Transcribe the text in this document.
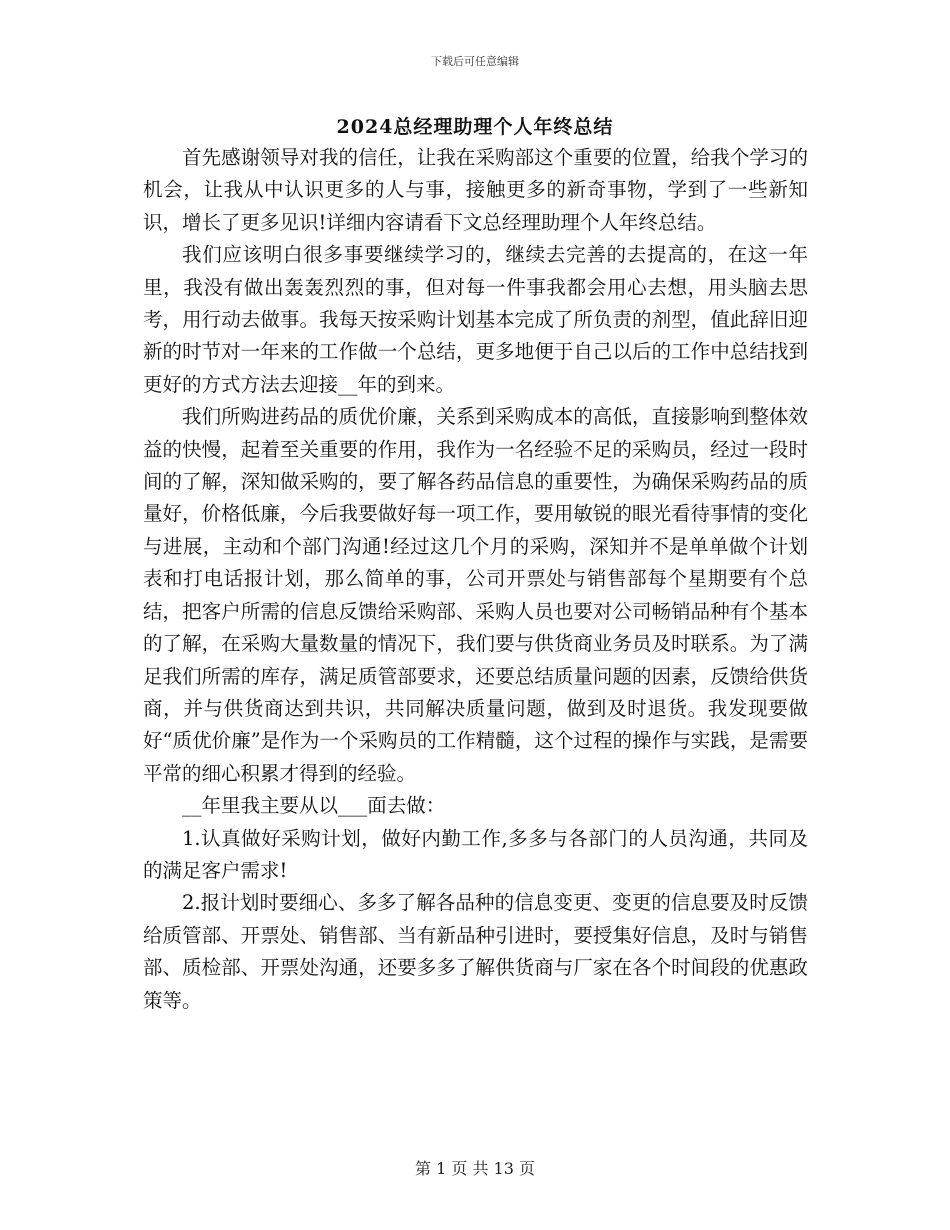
下载后可任意编辑
2024总经理助理个人年终总结

首先感谢领导对我的信任，让我在采购部这个重要的位置，给我个学习的机会，让我从中认识更多的人与事，接触更多的新奇事物，学到了一些新知识，增长了更多见识!详细内容请看下文总经理助理个人年终总结。

我们应该明白很多事要继续学习的，继续去完善的去提高的，在这一年里，我没有做出轰轰烈烈的事，但对每一件事我都会用心去想，用头脑去思考，用行动去做事。我每天按采购计划基本完成了所负责的剂型，值此辞旧迎新的时节对一年来的工作做一个总结，更多地便于自己以后的工作中总结找到更好的方式方法去迎接__年的到来。

我们所购进药品的质优价廉，关系到采购成本的高低，直接影响到整体效益的快慢，起着至关重要的作用，我作为一名经验不足的采购员，经过一段时间的了解，深知做采购的，要了解各药品信息的重要性，为确保采购药品的质量好，价格低廉，今后我要做好每一项工作，要用敏锐的眼光看待事情的变化与进展，主动和个部门沟通!经过这几个月的采购，深知并不是单单做个计划表和打电话报计划，那么简单的事，公司开票处与销售部每个星期要有个总结，把客户所需的信息反馈给采购部、采购人员也要对公司畅销品种有个基本的了解，在采购大量数量的情况下，我们要与供货商业务员及时联系。为了满足我们所需的库存，满足质管部要求，还要总结质量问题的因素，反馈给供货商，并与供货商达到共识，共同解决质量问题，做到及时退货。我发现要做好“质优价廉”是作为一个采购员的工作精髓，这个过程的操作与实践，是需要平常的细心积累才得到的经验。

__年里我主要从以___面去做：

1.认真做好采购计划，做好内勤工作,多多与各部门的人员沟通，共同及的满足客户需求!

2.报计划时要细心、多多了解各品种的信息变更、变更的信息要及时反馈给质管部、开票处、销售部、当有新品种引进时，要授集好信息，及时与销售部、质检部、开票处沟通，还要多多了解供货商与厂家在各个时间段的优惠政策等。

第 1 页 共 13 页
